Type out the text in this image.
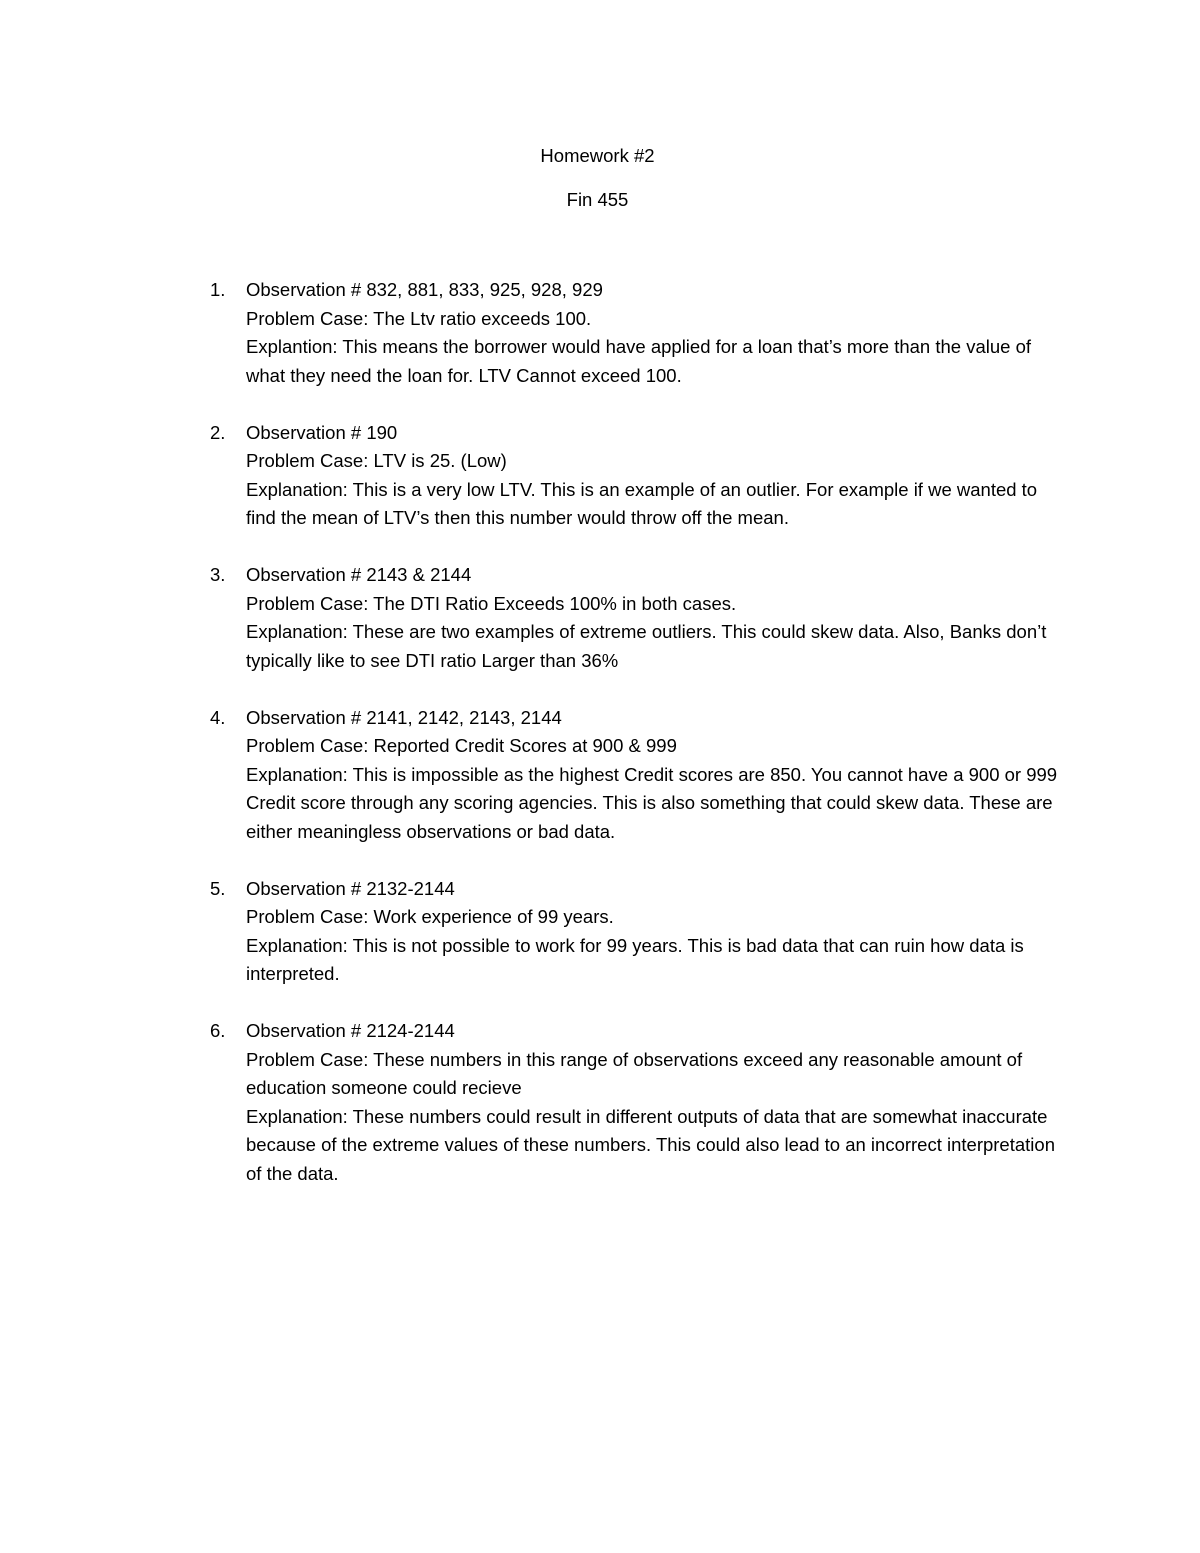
Homework #2
Fin 455
1. Observation # 832, 881, 833, 925, 928, 929
Problem Case: The Ltv ratio exceeds 100.
Explantion: This means the borrower would have applied for a loan that’s more than the value of what they need the loan for. LTV Cannot exceed 100.
2. Observation # 190
Problem Case: LTV is 25. (Low)
Explanation: This is a very low LTV. This is an example of an outlier. For example if we wanted to find the mean of LTV’s then this number would throw off the mean.
3. Observation # 2143 & 2144
Problem Case: The DTI Ratio Exceeds 100% in both cases.
Explanation: These are two examples of extreme outliers. This could skew data. Also, Banks don’t typically like to see DTI ratio Larger than 36%
4. Observation # 2141, 2142, 2143, 2144
Problem Case: Reported Credit Scores at 900 & 999
Explanation: This is impossible as the highest Credit scores are 850. You cannot have a 900 or 999 Credit score through any scoring agencies. This is also something that could skew data. These are either meaningless observations or bad data.
5. Observation # 2132-2144
Problem Case: Work experience of 99 years.
Explanation: This is not possible to work for 99 years. This is bad data that can ruin how data is interpreted.
6. Observation # 2124-2144
Problem Case: These numbers in this range of observations exceed any reasonable amount of education someone could recieve
Explanation: These numbers could result in different outputs of data that are somewhat inaccurate because of the extreme values of these numbers. This could also lead to an incorrect interpretation of the data.
